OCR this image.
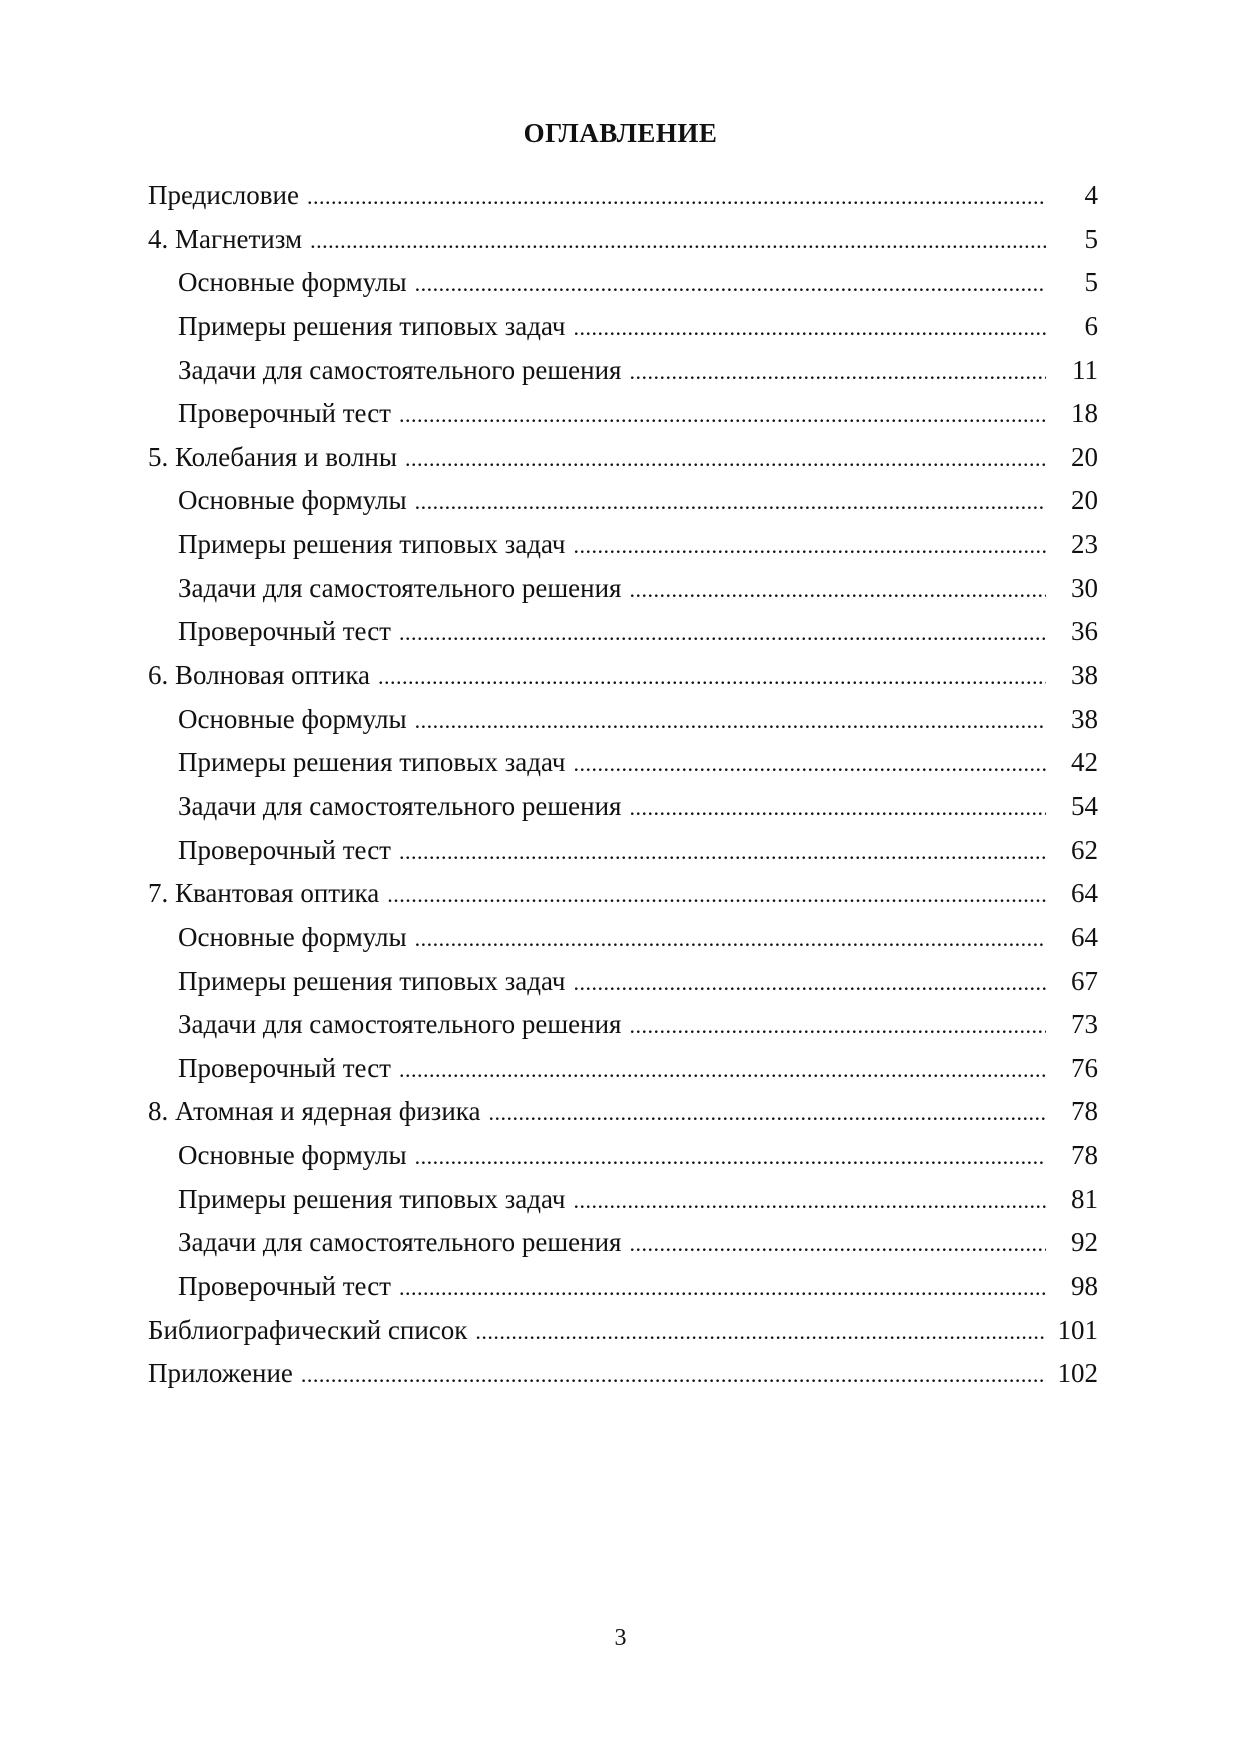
ОГЛАВЛЕНИЕ
Предисловие .....	4
4. Магнетизм .....	5
Основные формулы .....	5
Примеры решения типовых задач .....	6
Задачи для самостоятельного решения .....	11
Проверочный тест .....	18
5. Колебания и волны .....	20
Основные формулы .....	20
Примеры решения типовых задач .....	23
Задачи для самостоятельного решения .....	30
Проверочный тест .....	36
6. Волновая оптика .....	38
Основные формулы .....	38
Примеры решения типовых задач .....	42
Задачи для самостоятельного решения .....	54
Проверочный тест .....	62
7. Квантовая оптика .....	64
Основные формулы .....	64
Примеры решения типовых задач .....	67
Задачи для самостоятельного решения .....	73
Проверочный тест .....	76
8. Атомная и ядерная физика .....	78
Основные формулы .....	78
Примеры решения типовых задач .....	81
Задачи для самостоятельного решения .....	92
Проверочный тест .....	98
Библиографический список .....	101
Приложение .....	102
3
